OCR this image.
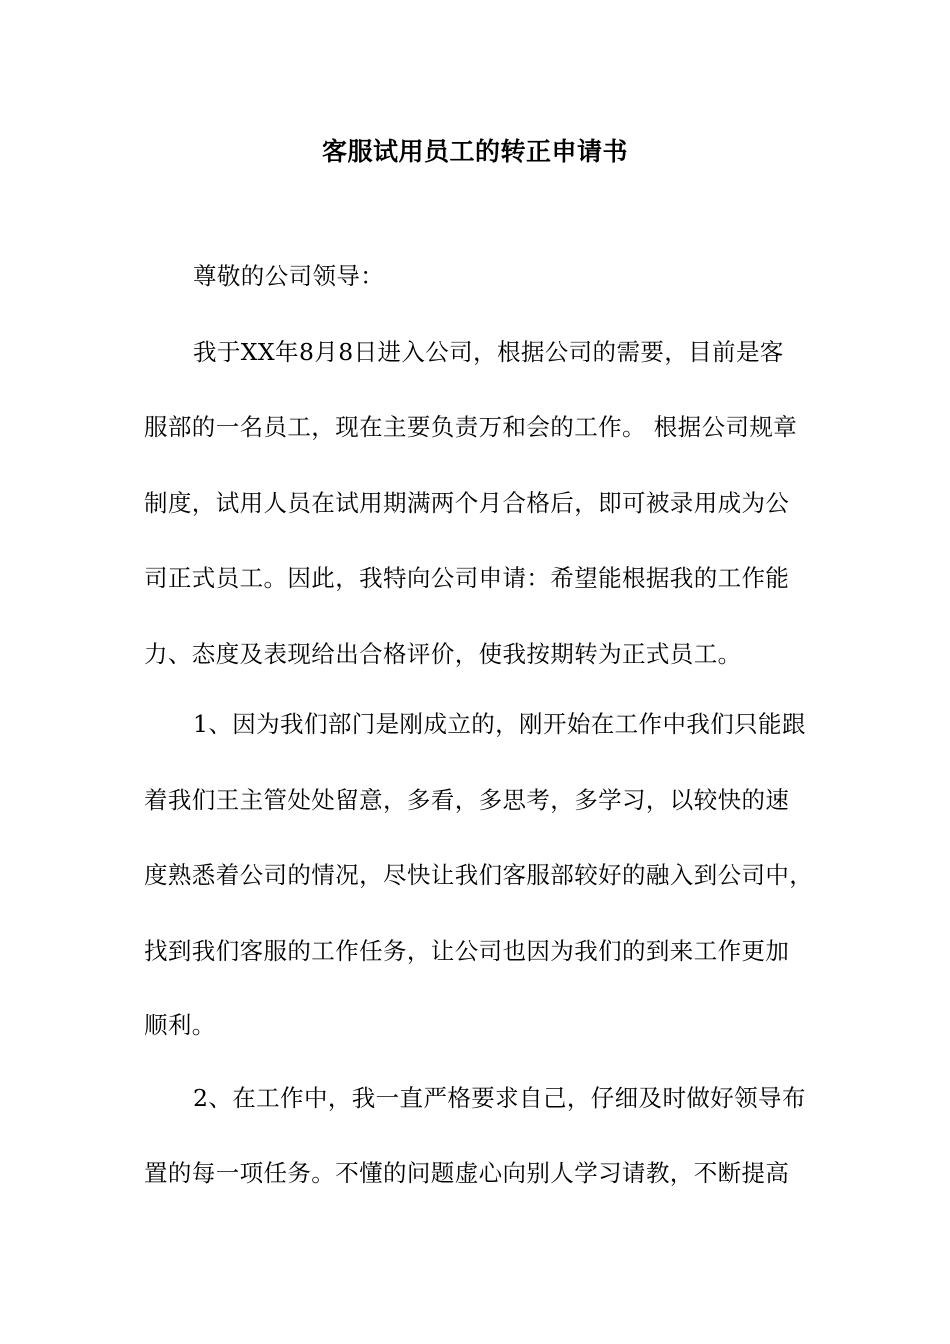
客服试用员工的转正申请书
尊敬的公司领导：
我于XX年8月8日进入公司，根据公司的需要，目前是客
服部的一名员工，现在主要负责万和会的工作。 根据公司规章
制度，试用人员在试用期满两个月合格后，即可被录用成为公
司正式员工。因此，我特向公司申请：希望能根据我的工作能
力、态度及表现给出合格评价，使我按期转为正式员工。
1、因为我们部门是刚成立的，刚开始在工作中我们只能跟
着我们王主管处处留意，多看，多思考，多学习，以较快的速
度熟悉着公司的情况，尽快让我们客服部较好的融入到公司中，
找到我们客服的工作任务，让公司也因为我们的到来工作更加
顺利。
2、在工作中，我一直严格要求自己，仔细及时做好领导布
置的每一项任务。不懂的问题虚心向别人学习请教，不断提高
